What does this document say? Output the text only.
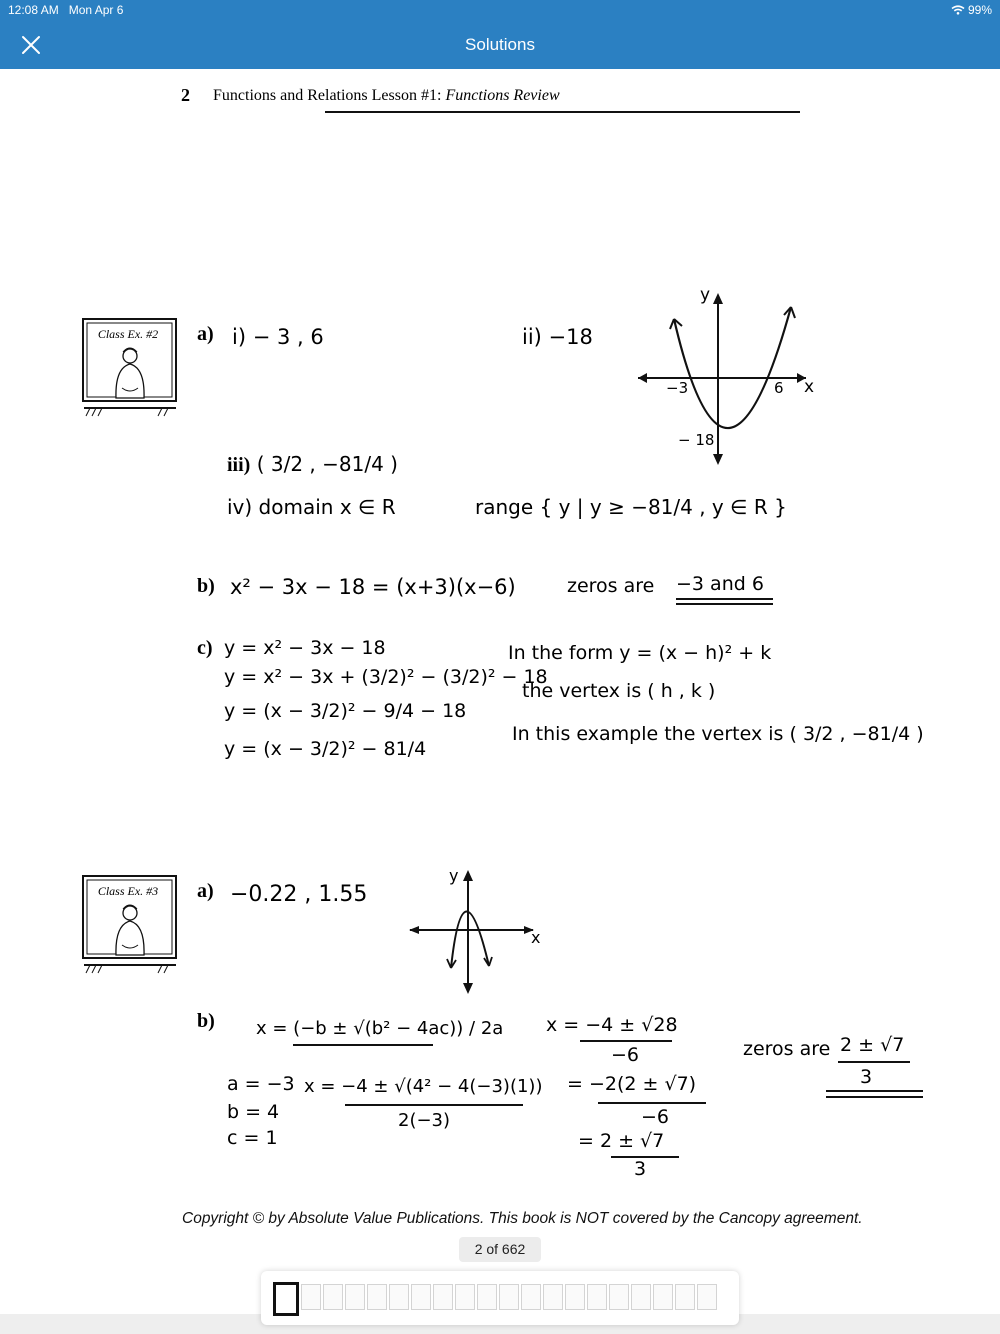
12:08 AM Mon Apr 6	99%
Solutions
2 Functions and Relations Lesson #1: Functions Review
Class Ex. #2	a) i) − 3 , 6	ii) −18
y
x
−3	6
− 18
iii) ( 3/2 , −81/4 )
iv) domain x ∈ R	range { y | y ≥ −81/4 , y ∈ R }
b) x² − 3x − 18 = (x+3)(x−6)	zeros are −3 and 6
c) y = x² − 3x − 18
y = x² − 3x + (3/2)² − (3/2)² − 18
y = (x − 3/2)² − 9/4 − 18
y = (x − 3/2)² − 81/4
In the form y = (x − h)² + k
the vertex is ( h , k )
In this example the vertex is ( 3/2 , −81/4 )
Class Ex. #3	a) −0.22 , 1.55
y
x
b) x = (−b ± √(b² − 4ac)) / 2a
a = −3
b = 4
c = 1
x = −4 ± √(4² − 4(−3)(1))
2(−3)
x = −4 ± √28
−6
= −2(2 ± √7)
−6
= 2 ± √7
3
zeros are 2 ± √7
3
Copyright © by Absolute Value Publications. This book is NOT covered by the Cancopy agreement.
2 of 662
